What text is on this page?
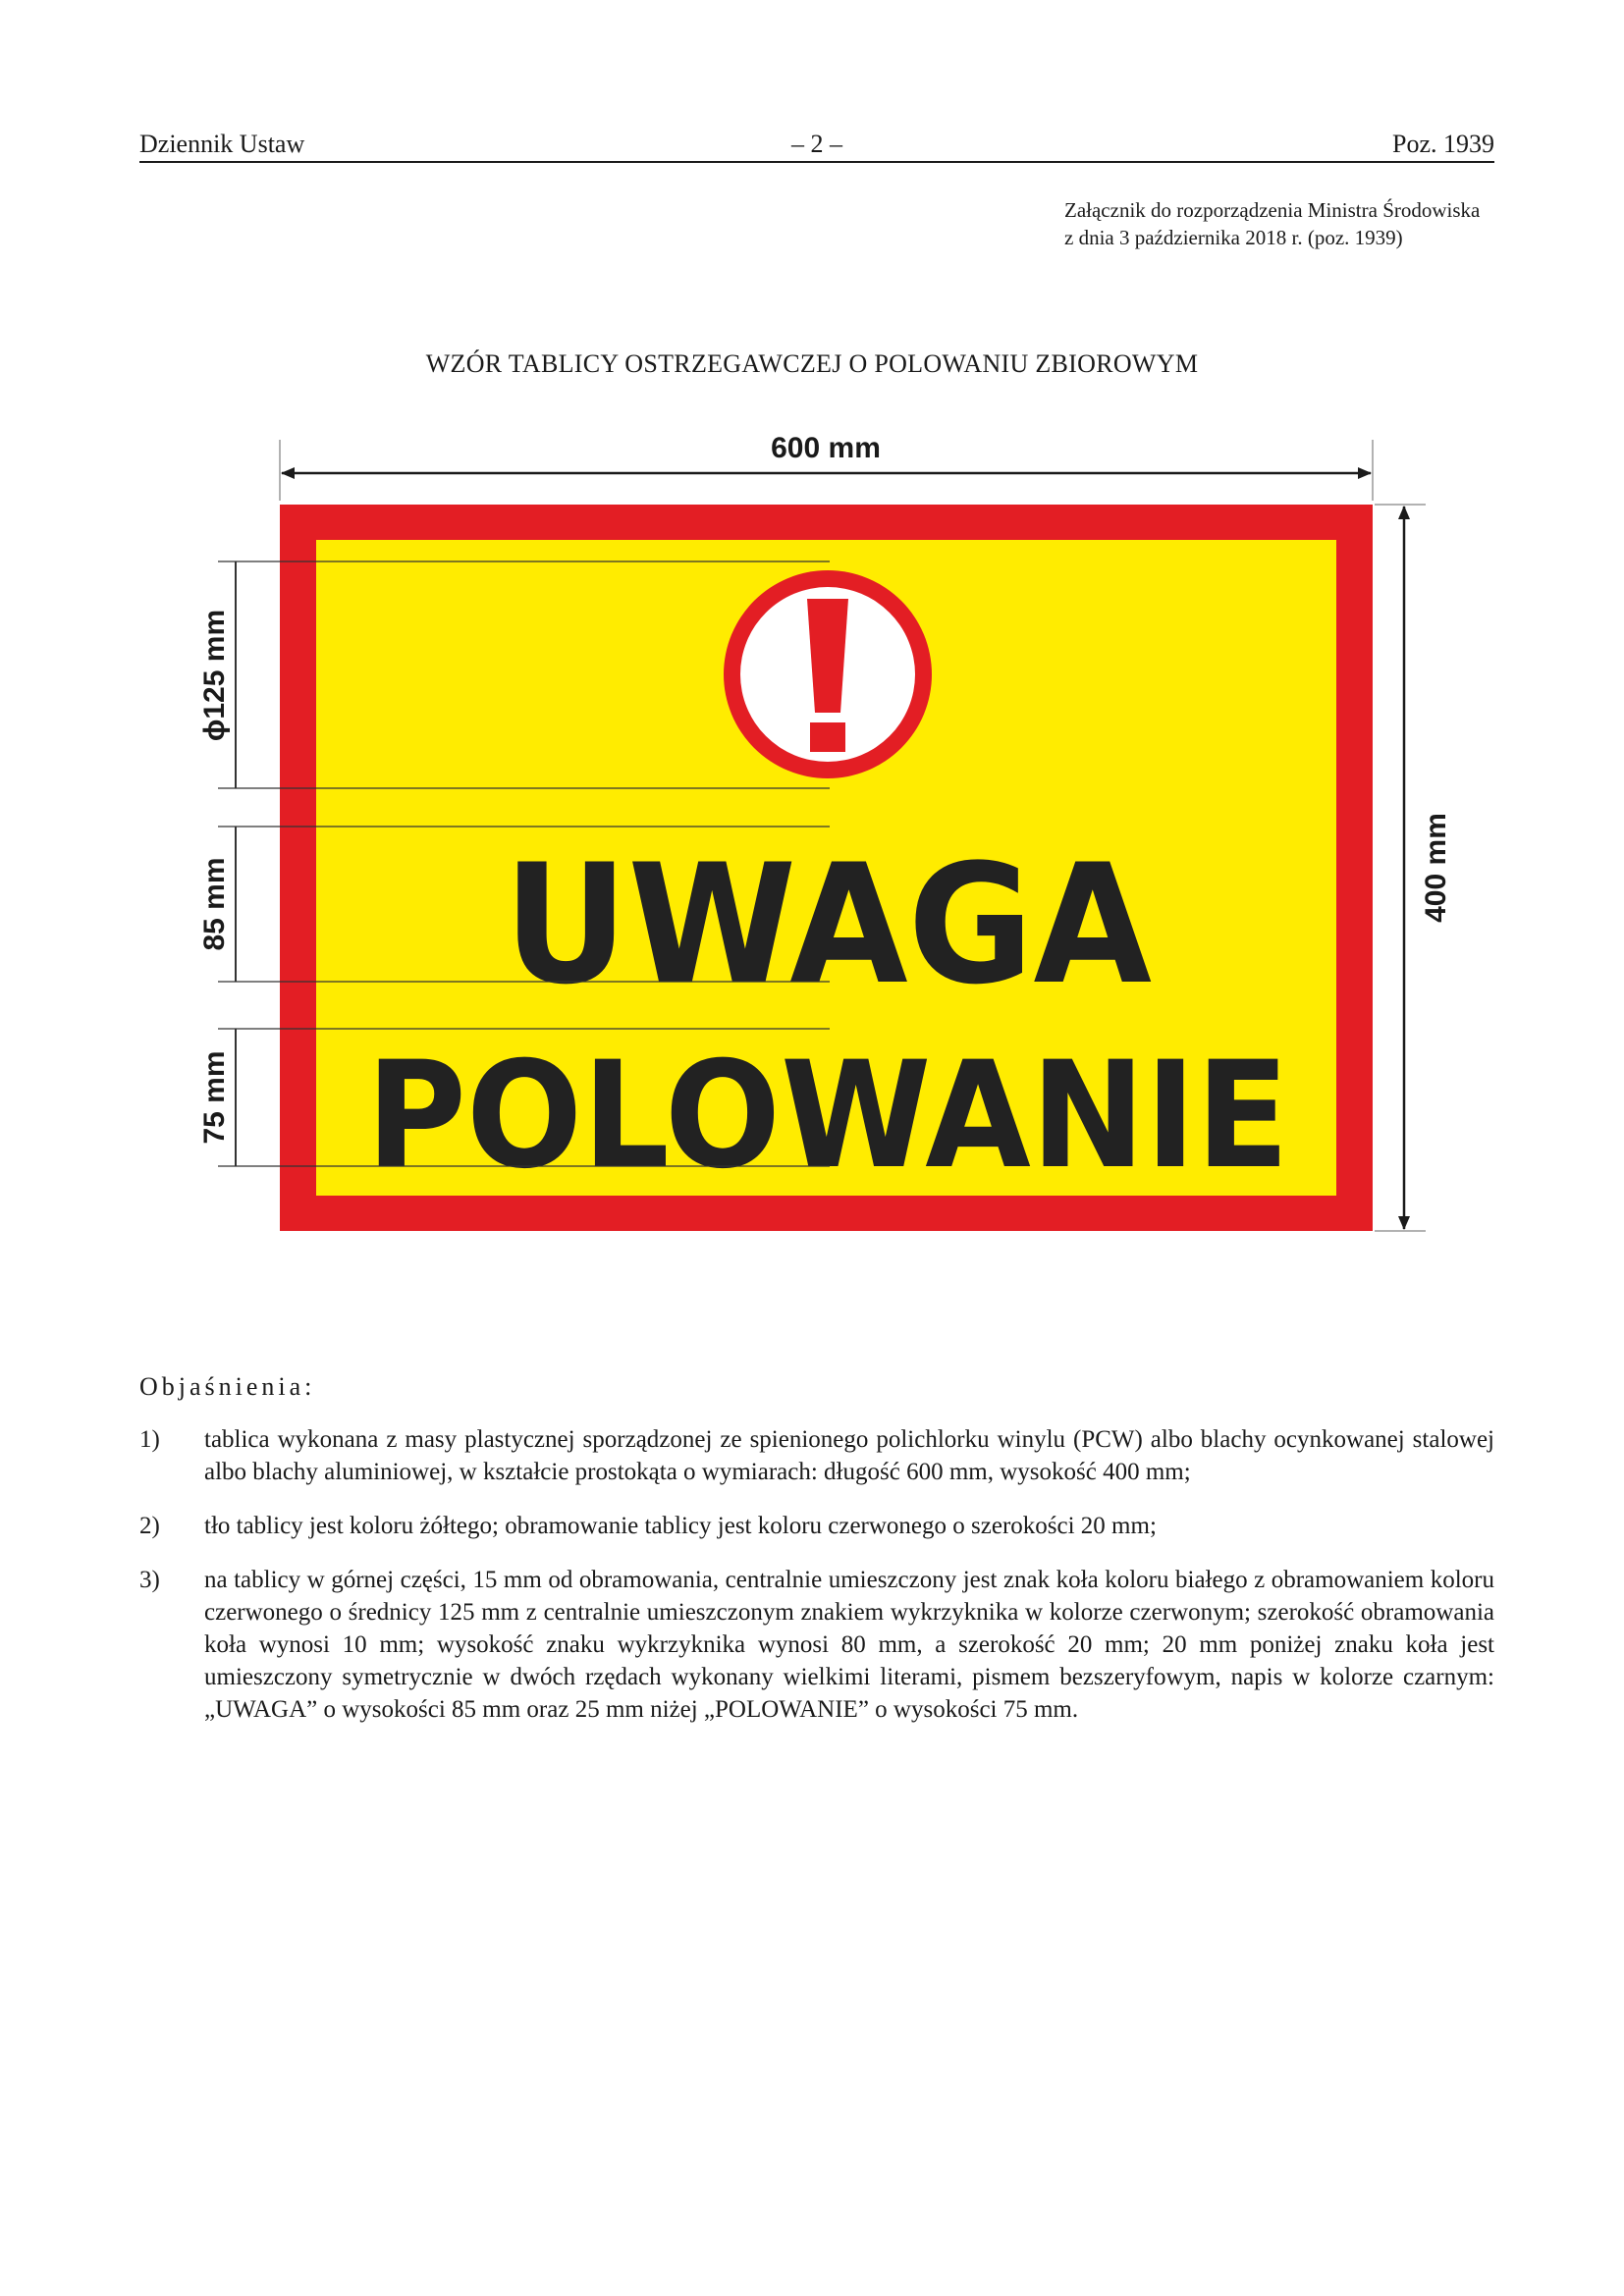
Dziennik Ustaw	– 2 –	Poz. 1939
Załącznik do rozporządzenia Ministra Środowiska
z dnia 3 października 2018 r. (poz. 1939)
WZÓR TABLICY OSTRZEGAWCZEJ O POLOWANIU ZBIOROWYM
600 mm
400 mm
UWAGA
POLOWANIE
ϕ125 mm
85 mm
75 mm
Objaśnienia:
1) tablica wykonana z masy plastycznej sporządzonej ze spienionego polichlorku winylu (PCW) albo blachy ocynkowanej stalowej albo blachy aluminiowej, w kształcie prostokąta o wymiarach: długość 600 mm, wysokość 400 mm;
2) tło tablicy jest koloru żółtego; obramowanie tablicy jest koloru czerwonego o szerokości 20 mm;
3) na tablicy w górnej części, 15 mm od obramowania, centralnie umieszczony jest znak koła koloru białego z obramowaniem koloru czerwonego o średnicy 125 mm z centralnie umieszczonym znakiem wykrzyknika w kolorze czerwonym; szerokość obramowania koła wynosi 10 mm; wysokość znaku wykrzyknika wynosi 80 mm, a szerokość 20 mm; 20 mm poniżej znaku koła jest umieszczony symetrycznie w dwóch rzędach wykonany wielkimi literami, pismem bezszeryfowym, napis w kolorze czarnym: „UWAGA” o wysokości 85 mm oraz 25 mm niżej „POLOWANIE” o wysokości 75 mm.
